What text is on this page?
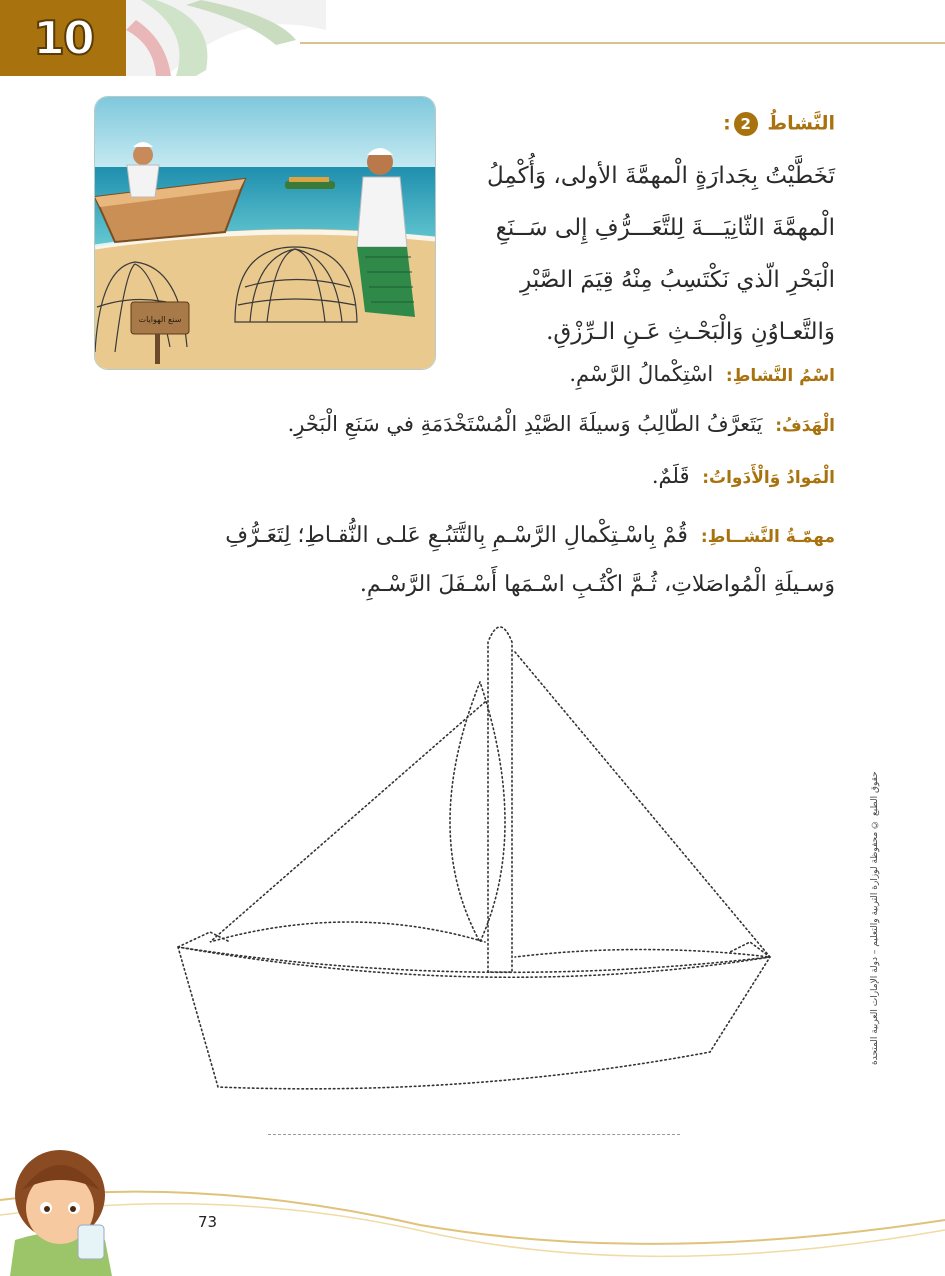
10
سنع الهوايات
النَّشاطُ 2:

تَخَطَّيْتُ بِجَدارَةٍ الْمهمَّةَ الأولى، وَأُكْمِلُ

الْمهمَّةَ الثّانِيَـــةَ لِلتَّعَـــرُّفِ إِلى سَــنَعِ

الْبَحْرِ الّذي نَكْتَسِبُ مِنْهُ قِيَمَ الصَّبْرِ

وَالتَّعـاوُنِ وَالْبَحْـثِ عَـنِ الـرِّزْقِ.

اسْمُ النَّشاطِ: اسْتِكْمالُ الرَّسْمِ.
الْهَدَفُ: يَتَعرَّفُ الطّالِبُ وَسيلَةَ الصَّيْدِ الْمُسْتَخْدَمَةِ في سَنَعِ الْبَحْرِ.
الْمَوادُ وَالْأَدَواتُ: قَلَمٌ.
مهمّـةُ النَّشــاطِ: قُمْ بِاسْـتِكْمالِ الرَّسْـمِ بِالتَّتَبُـعِ عَلـى النُّقـاطِ؛ لِتَعَـرُّفِ
وَسـيلَةِ الْمُواصَلاتِ، ثُـمَّ اكْتُـبِ اسْـمَها أَسْـفَلَ الرَّسْـمِ.
حقوق الطبع © محفوظة لوزارة التربية والتعليم – دولة الإمارات العربية المتحدة
73
